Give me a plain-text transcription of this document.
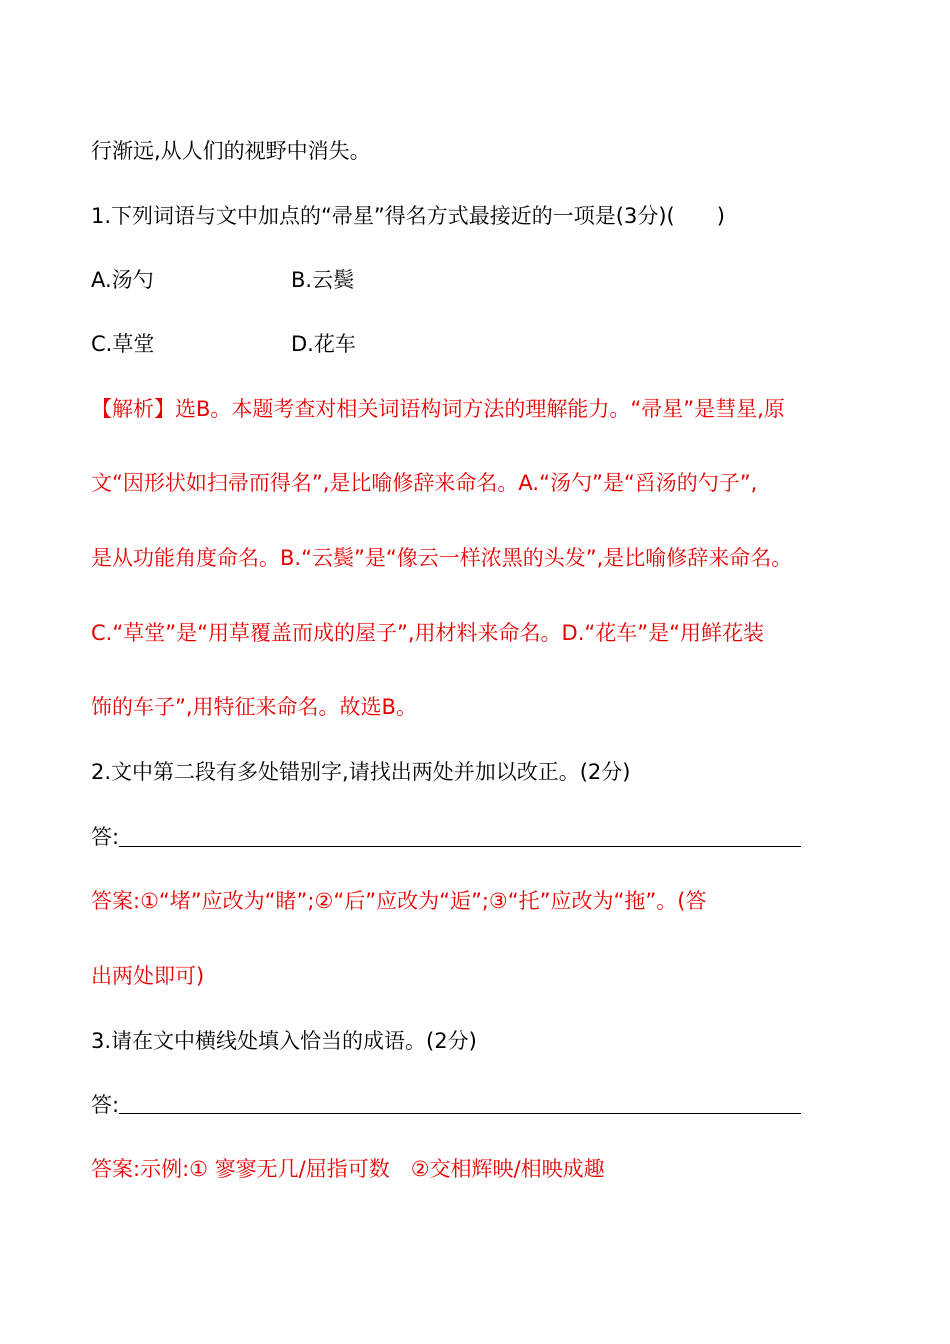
行渐远,从人们的视野中消失。
1.下列词语与文中加点的“帚星”得名方式最接近的一项是(3分)(　　)
A.汤勺	B.云鬓
C.草堂	D.花车
【解析】选B。本题考查对相关词语构词方法的理解能力。“帚星”是彗星,原
文“因形状如扫帚而得名”,是比喻修辞来命名。A.“汤勺”是“舀汤的勺子”,
是从功能角度命名。B.“云鬓”是“像云一样浓黑的头发”,是比喻修辞来命名。
C.“草堂”是“用草覆盖而成的屋子”,用材料来命名。D.“花车”是“用鲜花装
饰的车子”,用特征来命名。故选B。
2.文中第二段有多处错别字,请找出两处并加以改正。(2分)
答:
答案:①“堵”应改为“睹”;②“后”应改为“逅”;③“托”应改为“拖”。(答
出两处即可)
3.请在文中横线处填入恰当的成语。(2分)
答:
答案:示例:① 寥寥无几/屈指可数　②交相辉映/相映成趣
